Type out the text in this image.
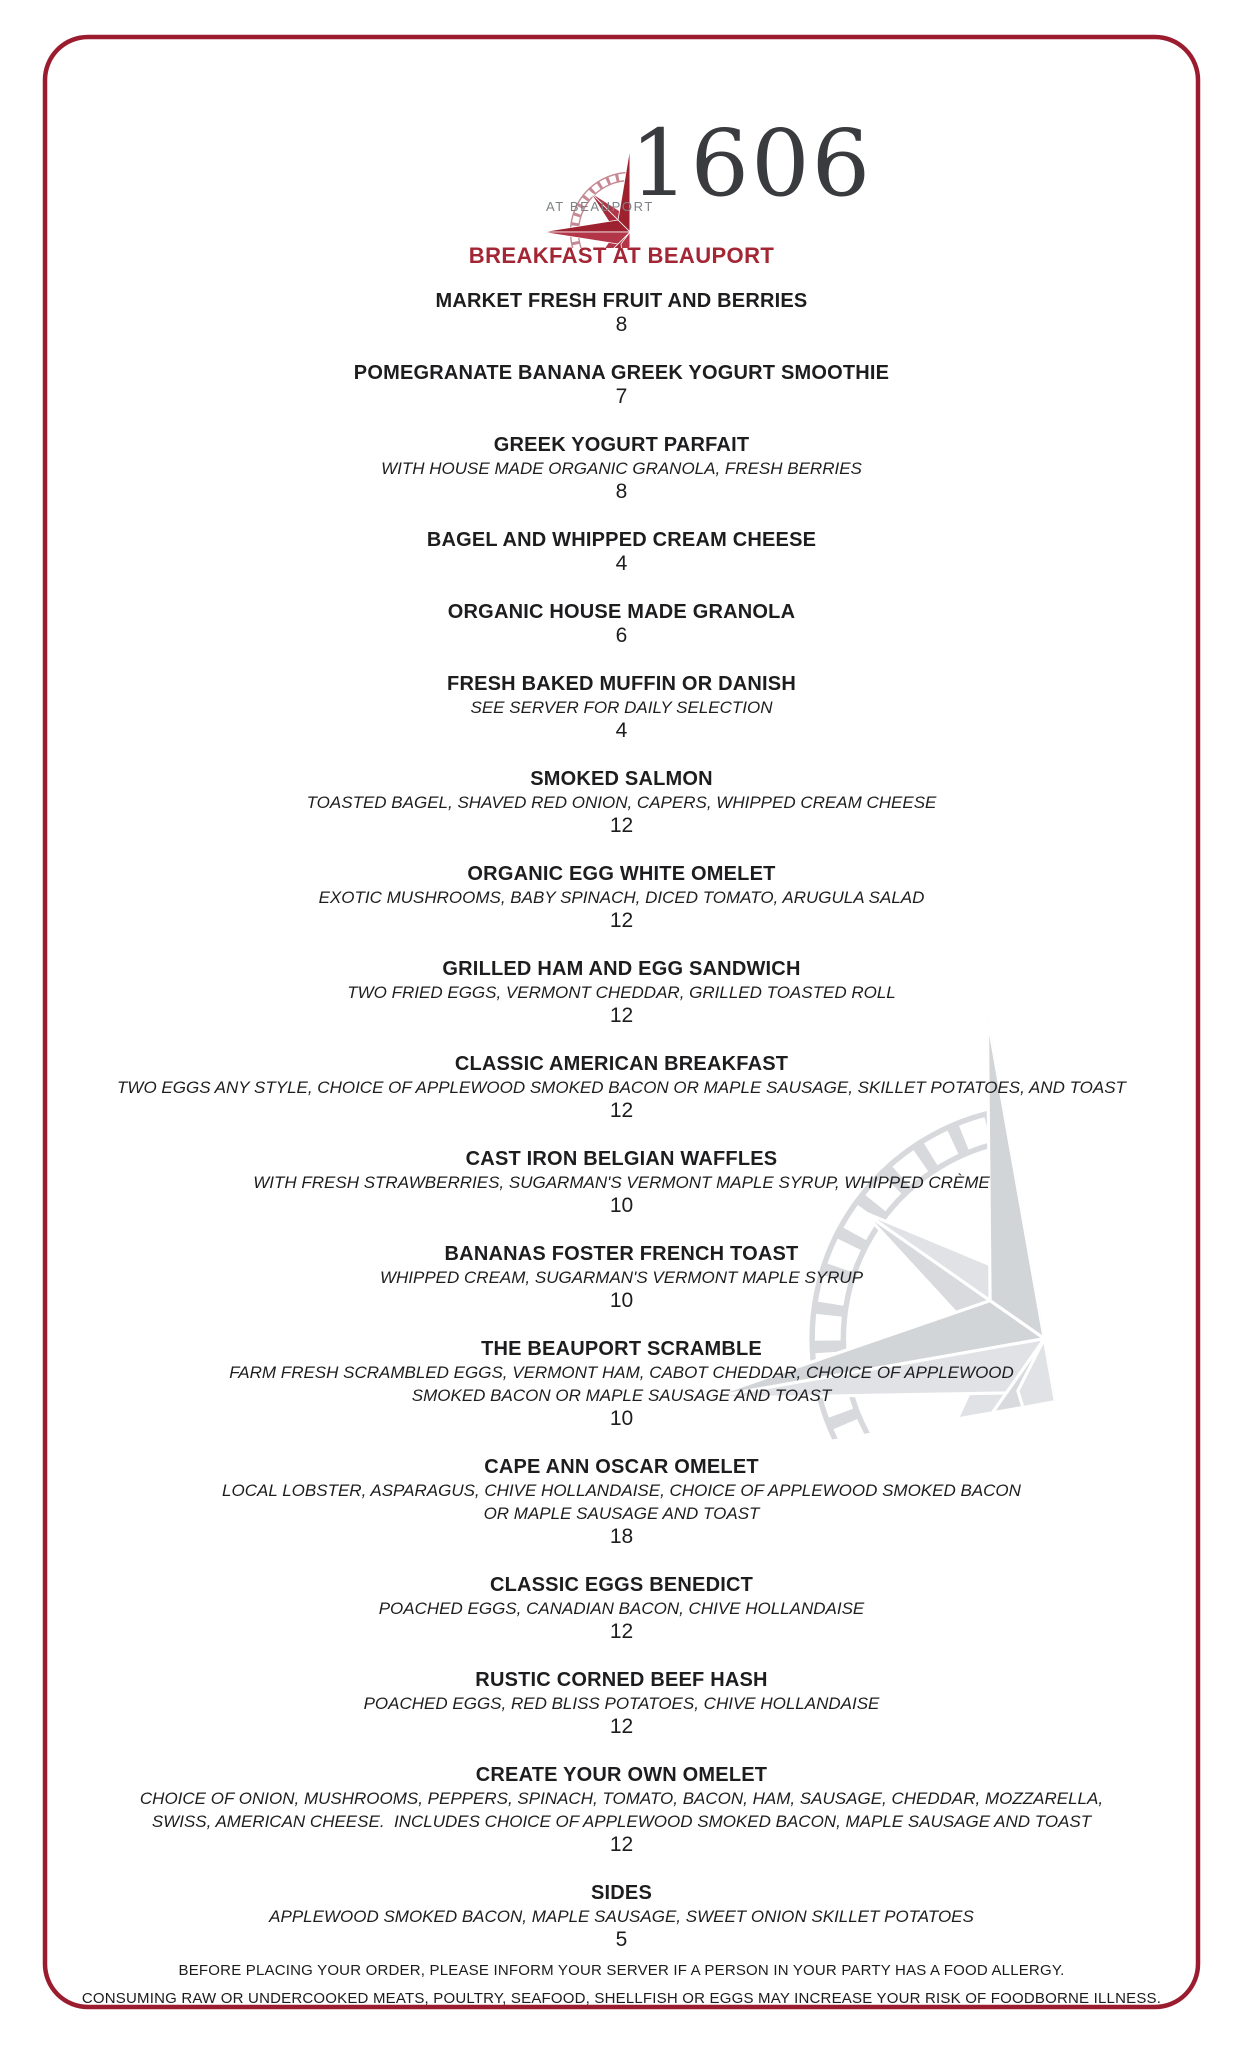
1606
AT BEAUPORT
BREAKFAST AT BEAUPORT
MARKET FRESH FRUIT AND BERRIES
8
POMEGRANATE BANANA GREEK YOGURT SMOOTHIE
7
GREEK YOGURT PARFAIT
WITH HOUSE MADE ORGANIC GRANOLA, FRESH BERRIES
8
BAGEL AND WHIPPED CREAM CHEESE
4
ORGANIC HOUSE MADE GRANOLA
6
FRESH BAKED MUFFIN OR DANISH
SEE SERVER FOR DAILY SELECTION
4
SMOKED SALMON
TOASTED BAGEL, SHAVED RED ONION, CAPERS, WHIPPED CREAM CHEESE
12
ORGANIC EGG WHITE OMELET
EXOTIC MUSHROOMS, BABY SPINACH, DICED TOMATO, ARUGULA SALAD
12
GRILLED HAM AND EGG SANDWICH
TWO FRIED EGGS, VERMONT CHEDDAR, GRILLED TOASTED ROLL
12
CLASSIC AMERICAN BREAKFAST
TWO EGGS ANY STYLE, CHOICE OF APPLEWOOD SMOKED BACON OR MAPLE SAUSAGE, SKILLET POTATOES, AND TOAST
12
CAST IRON BELGIAN WAFFLES
WITH FRESH STRAWBERRIES, SUGARMAN'S VERMONT MAPLE SYRUP, WHIPPED CRÈME
10
BANANAS FOSTER FRENCH TOAST
WHIPPED CREAM, SUGARMAN'S VERMONT MAPLE SYRUP
10
THE BEAUPORT SCRAMBLE
FARM FRESH SCRAMBLED EGGS, VERMONT HAM, CABOT CHEDDAR, CHOICE OF APPLEWOOD
SMOKED BACON OR MAPLE SAUSAGE AND TOAST
10
CAPE ANN OSCAR OMELET
LOCAL LOBSTER, ASPARAGUS, CHIVE HOLLANDAISE, CHOICE OF APPLEWOOD SMOKED BACON
OR MAPLE SAUSAGE AND TOAST
18
CLASSIC EGGS BENEDICT
POACHED EGGS, CANADIAN BACON, CHIVE HOLLANDAISE
12
RUSTIC CORNED BEEF HASH
POACHED EGGS, RED BLISS POTATOES, CHIVE HOLLANDAISE
12
CREATE YOUR OWN OMELET
CHOICE OF ONION, MUSHROOMS, PEPPERS, SPINACH, TOMATO, BACON, HAM, SAUSAGE, CHEDDAR, MOZZARELLA,
SWISS, AMERICAN CHEESE.  INCLUDES CHOICE OF APPLEWOOD SMOKED BACON, MAPLE SAUSAGE AND TOAST
12
SIDES
APPLEWOOD SMOKED BACON, MAPLE SAUSAGE, SWEET ONION SKILLET POTATOES
5
BEFORE PLACING YOUR ORDER, PLEASE INFORM YOUR SERVER IF A PERSON IN YOUR PARTY HAS A FOOD ALLERGY.
CONSUMING RAW OR UNDERCOOKED MEATS, POULTRY, SEAFOOD, SHELLFISH OR EGGS MAY INCREASE YOUR RISK OF FOODBORNE ILLNESS.
